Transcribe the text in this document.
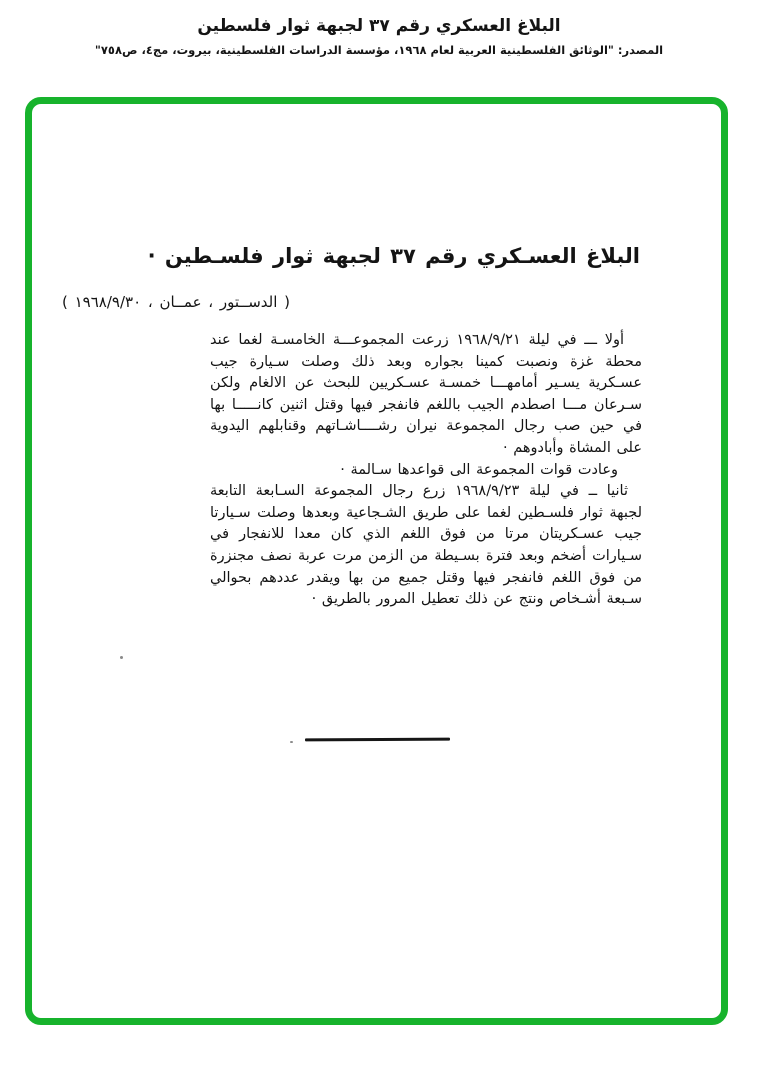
البلاغ العسكري رقم ٣٧ لجبهة ثوار فلسطين
المصدر: "الوثائق الفلسطينية العربية لعام ١٩٦٨، مؤسسة الدراسات الفلسطينية، بيروت، مج٤، ص٧٥٨"
البلاغ العسـكري رقم ٣٧ لجبهة ثوار فلسـطين ·
( الدســتور ، عمــان ، ١٩٦٨/٩/٣٠ )

أولا ـــ في ليلة ١٩٦٨/٩/٢١ زرعت المجموعـــة الخامسـة لغما عند محطة غزة ونصبت كمينا بجواره وبعد ذلك وصلت سـيارة جيب عسـكرية يسـير أمامهـــا خمسـة عسـكريين للبحث عن الالغام ولكن سـرعان مـــا اصطدم الجيب باللغم فانفجر فيها وقتل اثنين كانـــــا بها في حين صب رجال المجموعة نيران رشــــاشـاتهم وقنابلهم اليدوية على المشاة وأبادوهم ·

وعادت قوات المجموعة الى قواعدها سـالمة ·

ثانيا ــ في ليلة ١٩٦٨/٩/٢٣ زرع رجال المجموعة السـابعة التابعة لجبهة ثوار فلسـطين لغما على طريق الشـجاعية وبعدها وصلت سـيارتا جيب عسـكريتان مرتا من فوق اللغم الذي كان معدا للانفجار في سـيارات أضخم وبعد فترة بسـيطة من الزمن مرت عربة نصف مجنزرة من فوق اللغم فانفجر فيها وقتل جميع من بها ويقدر عددهم بحوالي سـبعة أشـخاص ونتج عن ذلك تعطيل المرور بالطريق ·
